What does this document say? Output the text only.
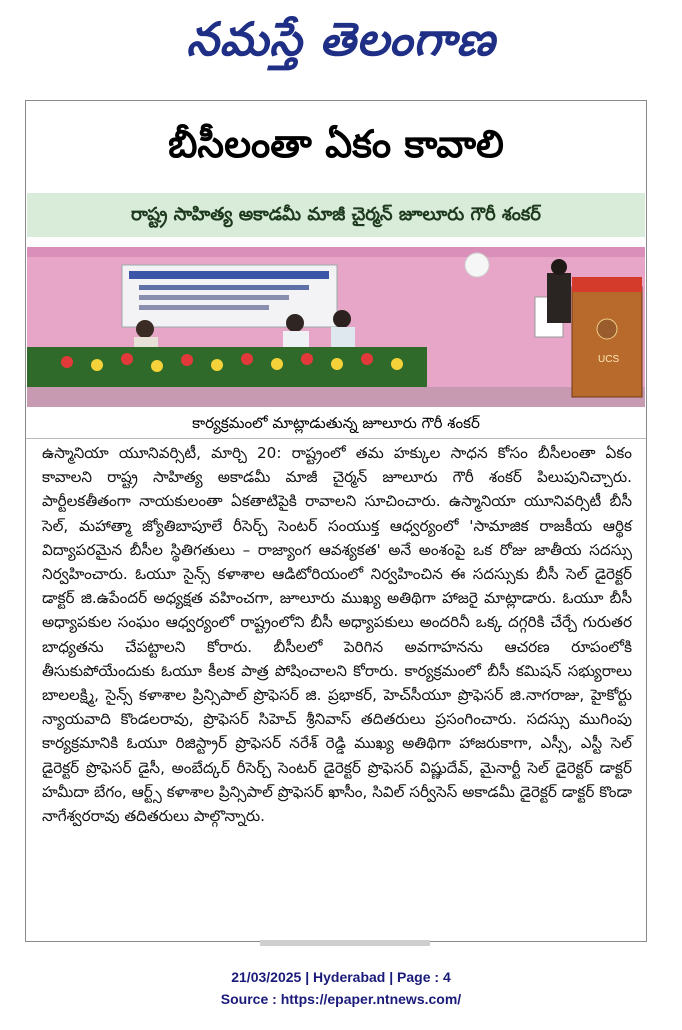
నమస్తే తెలంగాణ
బీసీలంతా ఏకం కావాలి
రాష్ట్ర సాహిత్య అకాడమీ మాజీ చైర్మన్ జూలూరు గౌరీ శంకర్
UCS
కార్యక్రమంలో మాట్లాడుతున్న జూలూరు గౌరీ శంకర్
ఉస్మానియా యూనివర్సిటీ, మార్చి 20: రాష్ట్రంలో తమ హక్కుల సాధన కోసం బీసీలంతా ఏకం కావాలని రాష్ట్ర సాహిత్య అకాడమీ మాజీ చైర్మన్ జూలూరు గౌరీ శంకర్ పిలుపునిచ్చారు. పార్టీలకతీతంగా నాయకులంతా ఏకతాటిపైకి రావాలని సూచించారు. ఉస్మానియా యూనివర్సిటీ బీసీ సెల్, మహాత్మా జ్యోతిబాపూలే రీసెర్చ్ సెంటర్ సంయుక్త ఆధ్వర్యంలో 'సామాజిక రాజకీయ ఆర్థిక విద్యాపరమైన బీసీల స్థితిగతులు – రాజ్యాంగ ఆవశ్యకత' అనే అంశంపై ఒక రోజు జాతీయ సదస్సు నిర్వహించారు. ఓయూ సైన్స్ కళాశాల ఆడిటోరియంలో నిర్వహించిన ఈ సదస్సుకు బీసీ సెల్ డైరెక్టర్ డాక్టర్ జి.ఉపేందర్ అధ్యక్షత వహించగా, జూలూరు ముఖ్య అతిథిగా హాజరై మాట్లాడారు. ఓయూ బీసీ అధ్యాపకుల సంఘం ఆధ్వర్యంలో రాష్ట్రంలోని బీసీ అధ్యాపకులు అందరినీ ఒక్క దగ్గరికి చేర్చే గురుతర బాధ్యతను చేపట్టాలని కోరారు. బీసీలలో పెరిగిన అవగాహనను ఆచరణ రూపంలోకి తీసుకుపోయేందుకు ఓయూ కీలక పాత్ర పోషించాలని కోరారు. కార్యక్రమంలో బీసీ కమిషన్ సభ్యురాలు బాలలక్ష్మి, సైన్స్ కళాశాల ప్రిన్సిపాల్ ప్రొఫెసర్ జి. ప్రభాకర్, హెచ్‌సీయూ ప్రొఫెసర్ జి.నాగరాజు, హైకోర్టు న్యాయవాది కొండలరావు, ప్రొఫెసర్ సిహెచ్ శ్రీనివాస్ తదితరులు ప్రసంగించారు. సదస్సు ముగింపు కార్యక్రమానికి ఓయూ రిజిస్ట్రార్ ప్రొఫెసర్ నరేశ్ రెడ్డి ముఖ్య అతిథిగా హాజరుకాగా, ఎస్సీ, ఎస్టీ సెల్ డైరెక్టర్ ప్రొఫెసర్ డైసీ, అంబేద్కర్ రీసెర్చ్ సెంటర్ డైరెక్టర్ ప్రొఫెసర్ విష్ణుదేవ్, మైనార్టీ సెల్ డైరెక్టర్ డాక్టర్ హమీదా బేగం, ఆర్ట్స్ కళాశాల ప్రిన్సిపాల్ ప్రొఫెసర్ ఖాసీం, సివిల్ సర్వీసెస్ అకాడమీ డైరెక్టర్ డాక్టర్ కొండా నాగేశ్వరరావు తదితరులు పాల్గొన్నారు.
21/03/2025 | Hyderabad | Page : 4
Source : https://epaper.ntnews.com/
